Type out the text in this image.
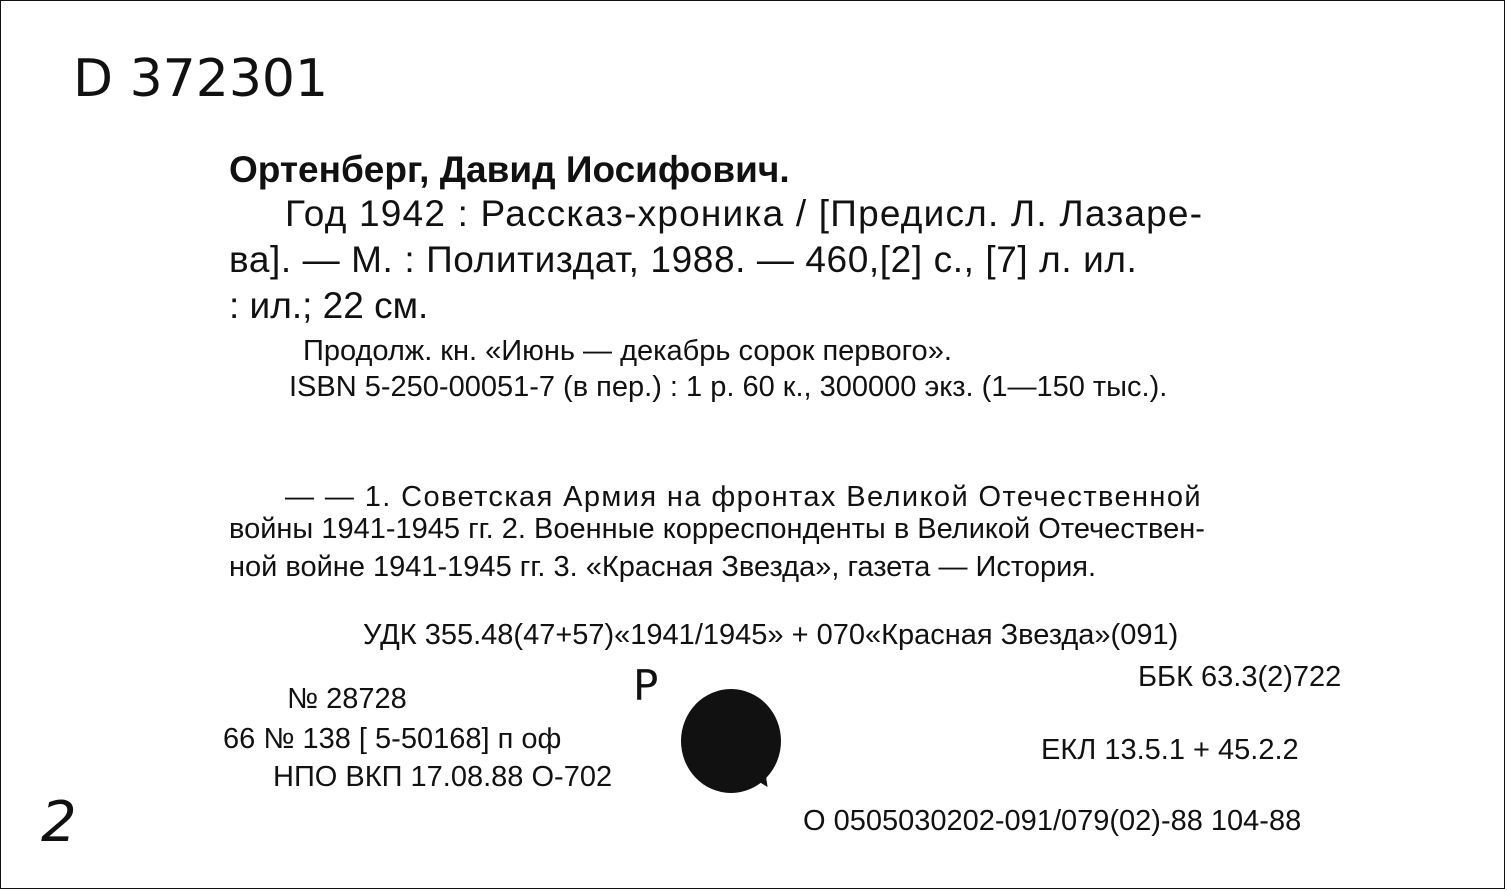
D 372301
Ортенберг, Давид Иосифович.
Год 1942 : Рассказ-хроника / [Предисл. Л. Лазаре-
ва]. — М. : Политиздат, 1988. — 460,[2] с., [7] л. ил.
: ил.; 22 см.
Продолж. кн. «Июнь — декабрь сорок первого».
ISBN 5-250-00051-7 (в пер.) : 1 р. 60 к., 300000 экз. (1—150 тыс.).
— — 1. Советская Армия на фронтах Великой Отечественной
войны 1941-1945 гг. 2. Военные корреспонденты в Великой Отечествен-
ной войне 1941-1945 гг. 3. «Красная Звезда», газета — История.
УДК 355.48(47+57)«1941/1945» + 070«Красная Звезда»(091)
ББК 63.3(2)722
Р
№ 28728
66 № 138 [ 5-50168] п оф
НПО ВКП 17.08.88 О-702
ЕКЛ 13.5.1 + 45.2.2
О 0505030202-091/079(02)-88 104-88
2
